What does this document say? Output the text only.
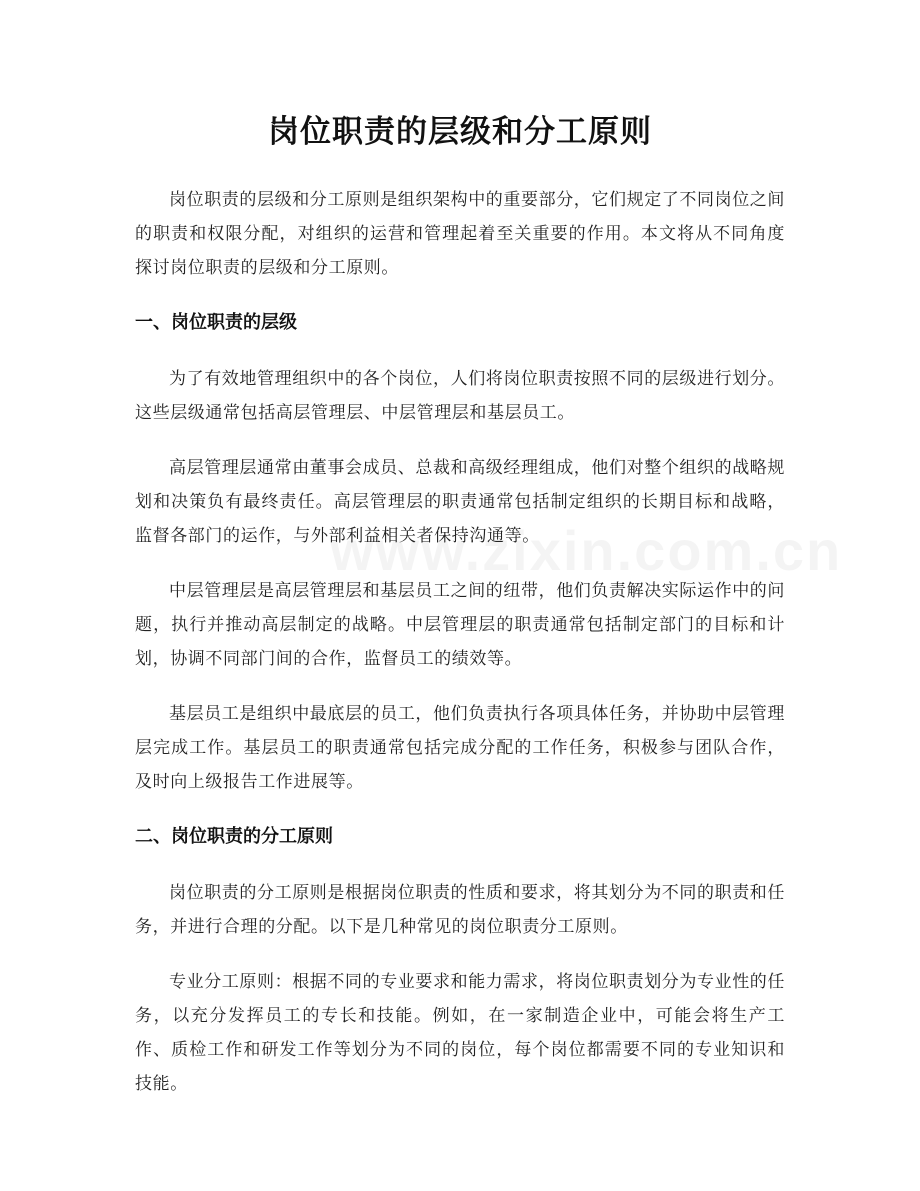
岗位职责的层级和分工原则

岗位职责的层级和分工原则是组织架构中的重要部分，它们规定了不同岗位之间的职责和权限分配，对组织的运营和管理起着至关重要的作用。本文将从不同角度探讨岗位职责的层级和分工原则。

一、岗位职责的层级

为了有效地管理组织中的各个岗位，人们将岗位职责按照不同的层级进行划分。这些层级通常包括高层管理层、中层管理层和基层员工。

高层管理层通常由董事会成员、总裁和高级经理组成，他们对整个组织的战略规划和决策负有最终责任。高层管理层的职责通常包括制定组织的长期目标和战略，监督各部门的运作，与外部利益相关者保持沟通等。

中层管理层是高层管理层和基层员工之间的纽带，他们负责解决实际运作中的问题，执行并推动高层制定的战略。中层管理层的职责通常包括制定部门的目标和计划，协调不同部门间的合作，监督员工的绩效等。

基层员工是组织中最底层的员工，他们负责执行各项具体任务，并协助中层管理层完成工作。基层员工的职责通常包括完成分配的工作任务，积极参与团队合作，及时向上级报告工作进展等。

二、岗位职责的分工原则

岗位职责的分工原则是根据岗位职责的性质和要求，将其划分为不同的职责和任务，并进行合理的分配。以下是几种常见的岗位职责分工原则。

专业分工原则：根据不同的专业要求和能力需求，将岗位职责划分为专业性的任务，以充分发挥员工的专长和技能。例如，在一家制造企业中，可能会将生产工作、质检工作和研发工作等划分为不同的岗位，每个岗位都需要不同的专业知识和技能。
